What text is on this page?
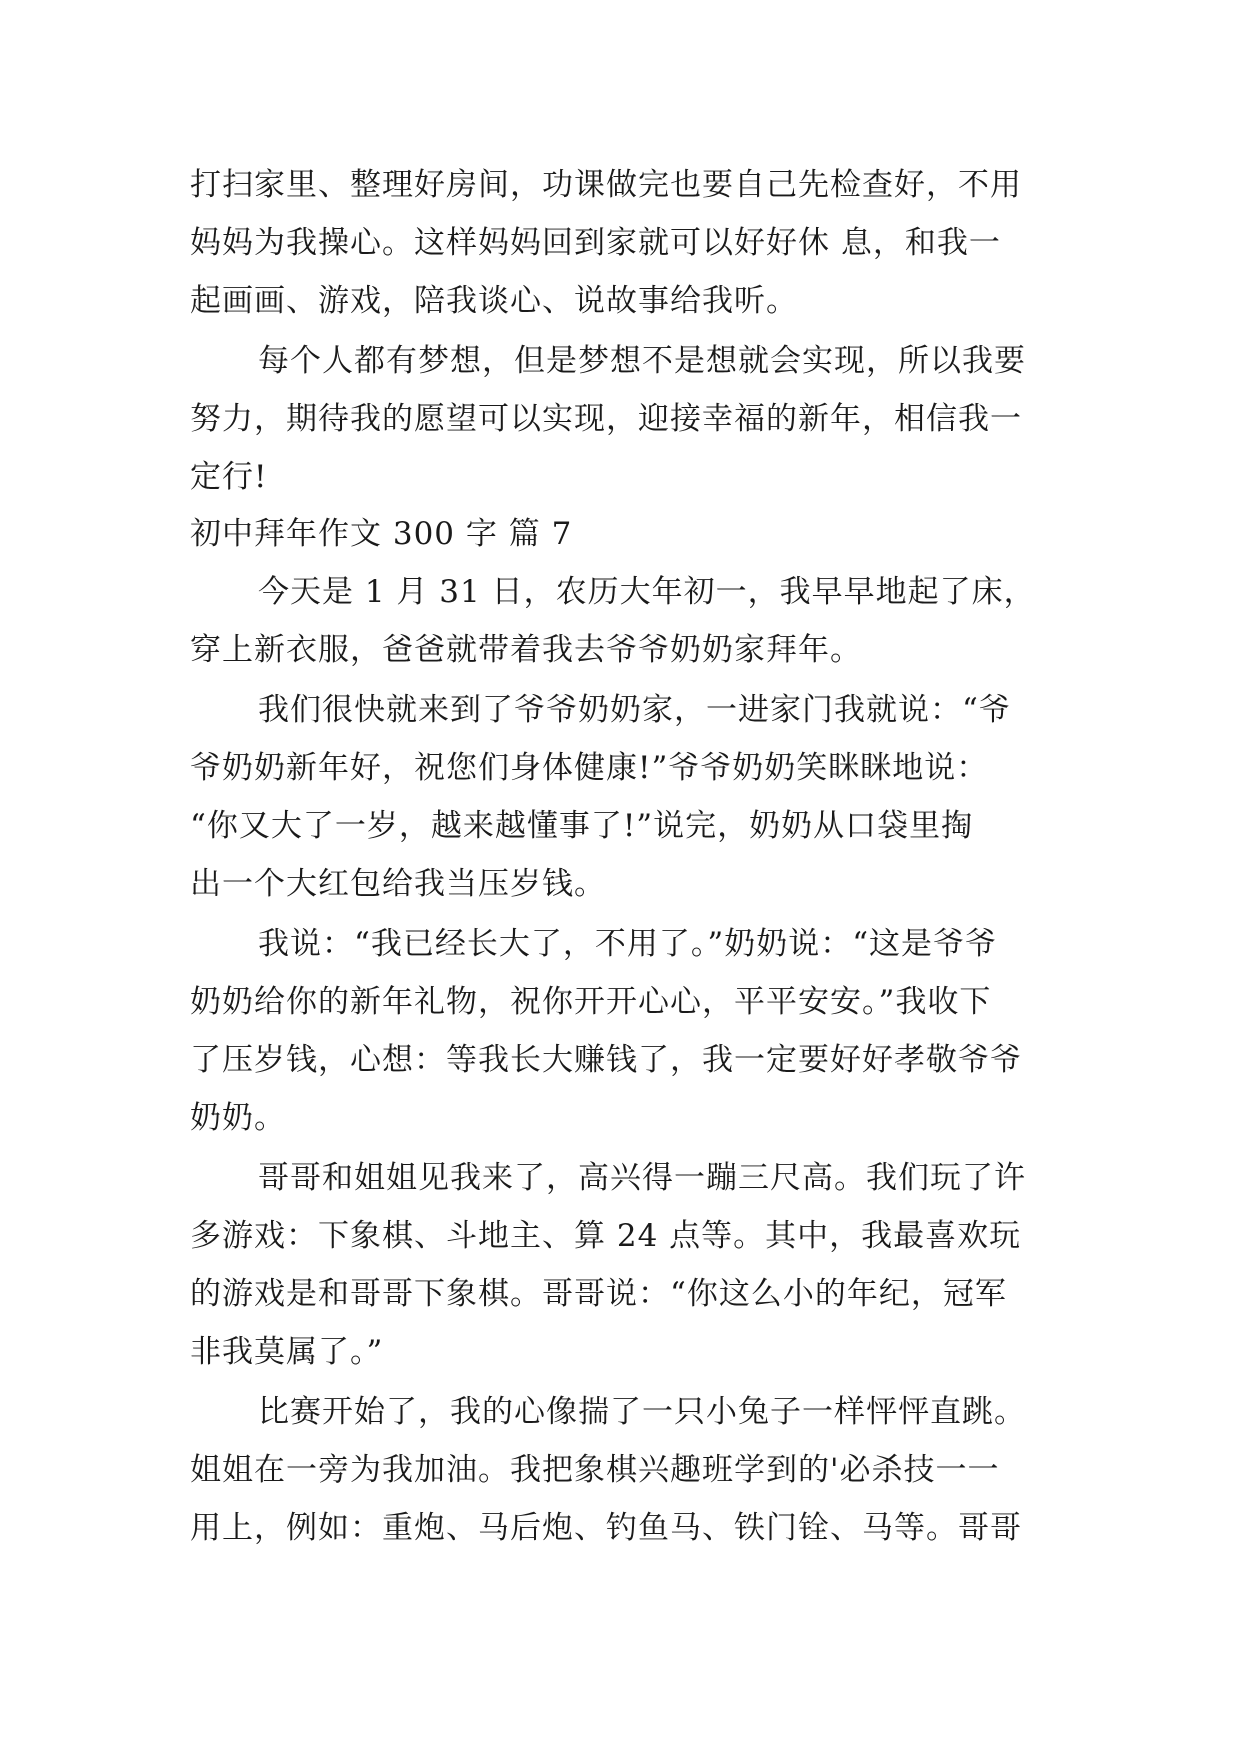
打扫家里、整理好房间，功课做完也要自己先检查好，不用
妈妈为我操心。这样妈妈回到家就可以好好休 息，和我一
起画画、游戏，陪我谈心、说故事给我听。
每个人都有梦想，但是梦想不是想就会实现，所以我要
努力，期待我的愿望可以实现，迎接幸福的新年，相信我一
定行!
初中拜年作文 300 字 篇 7
今天是 1 月 31 日，农历大年初一，我早早地起了床，
穿上新衣服，爸爸就带着我去爷爷奶奶家拜年。
我们很快就来到了爷爷奶奶家，一进家门我就说：“爷
爷奶奶新年好，祝您们身体健康!”爷爷奶奶笑眯眯地说：
“你又大了一岁，越来越懂事了!”说完，奶奶从口袋里掏
出一个大红包给我当压岁钱。
我说：“我已经长大了，不用了。”奶奶说：“这是爷爷
奶奶给你的新年礼物，祝你开开心心，平平安安。”我收下
了压岁钱，心想：等我长大赚钱了，我一定要好好孝敬爷爷
奶奶。
哥哥和姐姐见我来了，高兴得一蹦三尺高。我们玩了许
多游戏：下象棋、斗地主、算 24 点等。其中，我最喜欢玩
的游戏是和哥哥下象棋。哥哥说：“你这么小的年纪，冠军
非我莫属了。”
比赛开始了，我的心像揣了一只小兔子一样怦怦直跳。
姐姐在一旁为我加油。我把象棋兴趣班学到的'必杀技一一
用上，例如：重炮、马后炮、钓鱼马、铁门铨、马等。哥哥
